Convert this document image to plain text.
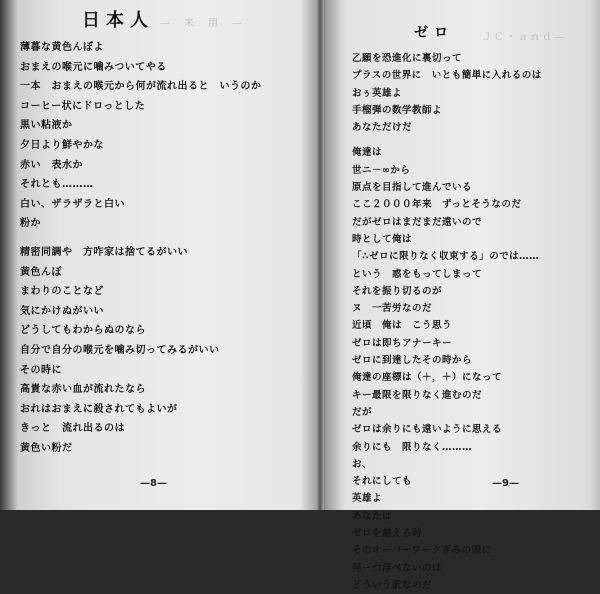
—　来　用　—
日本人
薄暮な黄色んぼよ
おまえの喉元に噛みついてやる
一本　おまえの喉元から何が流れ出ると　いうのか
コーヒー状にドロっとした
黒い粘液か
夕日より鮮やかな
赤い　表水か
それとも………
白い、ザラザラと白い
粉か
精密同調や　方咋家は捨てるがいい
黄色んぼ
まわりのことなど
気にかけぬがいい
どうしてもわからぬのなら
自分で自分の喉元を噛み切ってみるがいい
その時に
高貴な赤い血が流れたなら
おれはおまえに殺されてもよいが
きっと　流れ出るのは
黄色い粉だ
—8—
ＪＣ・ａｎｄ—
ゼロ
乙願を恐進化に裏切って
プラスの世界に　いとも簡単に入れるのは
おぅ英雄よ
手榴弾の数学教師よ
あなただけだ
俺達は
世ニ－∞から
原点を目指して進んでいる
ここ２０００年来　ずっとそうなのだ
だがゼロはまだまだ遠いので
時として俺は
「∴ゼロに限りなく収束する」のでは……
という　惑をもってしまって
それを振り切るのが
ヌ　一苦労なのだ
近頃　俺は　こう思う
ゼロは即ちアナーキー
ゼロに到達したその時から
俺達の座標は（＋，＋）になって
キー最限を限りなく進むのだ
だが
ゼロは余りにも遠いように思える
余りにも　限りなく………
お、
それにしても
英雄よ
あなたは
ゼロを越える時
そのオーバーワークぎみの頭に
何ーつ浮べないのは
どういう訳なのだ
—9—
